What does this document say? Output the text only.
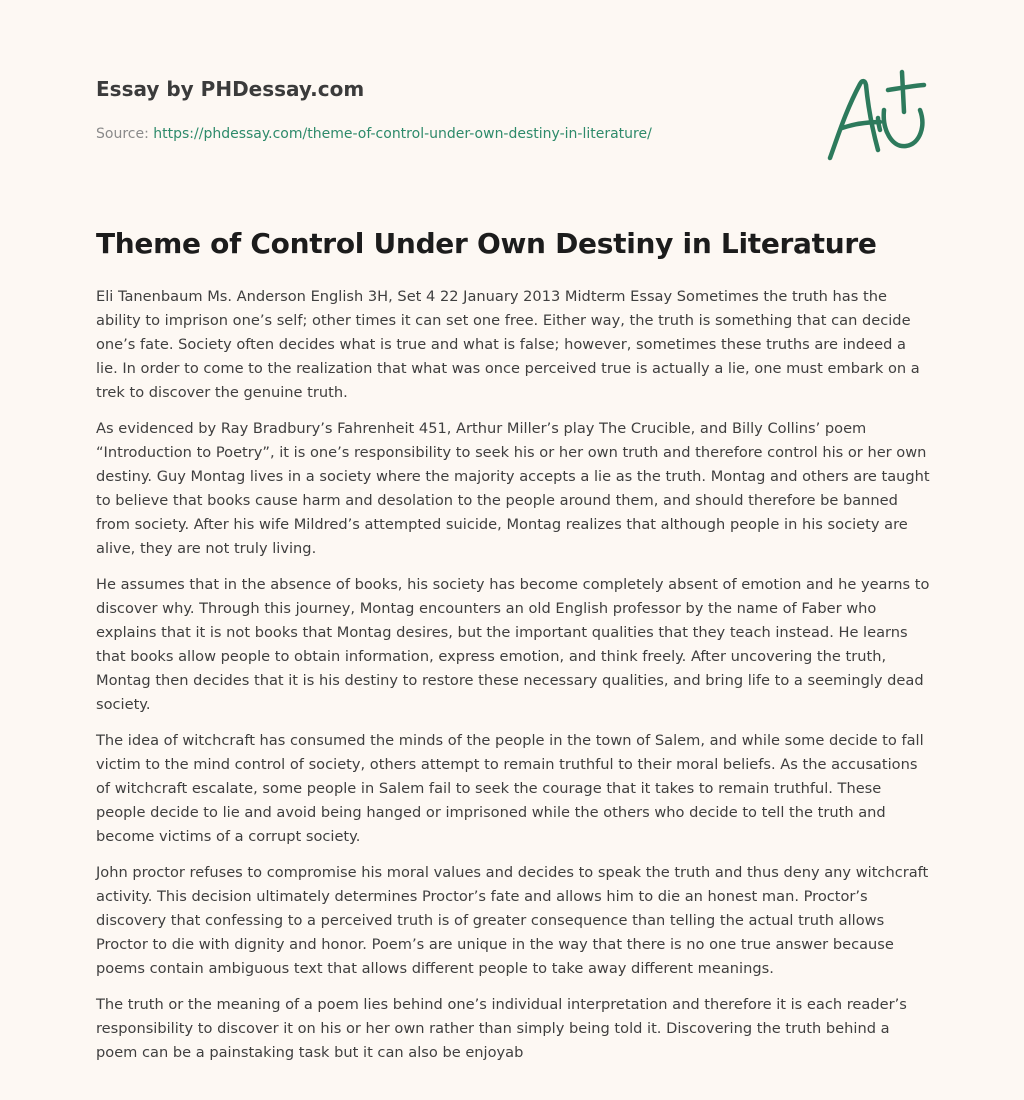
Essay by PHDessay.com
Source: https://phdessay.com/theme-of-control-under-own-destiny-in-literature/
Theme of Control Under Own Destiny in Literature

Eli Tanenbaum Ms. Anderson English 3H, Set 4 22 January 2013 Midterm Essay Sometimes the truth has the ability to imprison one’s self; other times it can set one free. Either way, the truth is something that can decide one’s fate. Society often decides what is true and what is false; however, sometimes these truths are indeed a lie. In order to come to the realization that what was once perceived true is actually a lie, one must embark on a trek to discover the genuine truth.

As evidenced by Ray Bradbury’s Fahrenheit 451, Arthur Miller’s play The Crucible, and Billy Collins’ poem “Introduction to Poetry”, it is one’s responsibility to seek his or her own truth and therefore control his or her own destiny. Guy Montag lives in a society where the majority accepts a lie as the truth. Montag and others are taught to believe that books cause harm and desolation to the people around them, and should therefore be banned from society. After his wife Mildred’s attempted suicide, Montag realizes that although people in his society are alive, they are not truly living.

He assumes that in the absence of books, his society has become completely absent of emotion and he yearns to discover why. Through this journey, Montag encounters an old English professor by the name of Faber who explains that it is not books that Montag desires, but the important qualities that they teach instead. He learns that books allow people to obtain information, express emotion, and think freely. After uncovering the truth, Montag then decides that it is his destiny to restore these necessary qualities, and bring life to a seemingly dead society.

The idea of witchcraft has consumed the minds of the people in the town of Salem, and while some decide to fall victim to the mind control of society, others attempt to remain truthful to their moral beliefs. As the accusations of witchcraft escalate, some people in Salem fail to seek the courage that it takes to remain truthful. These people decide to lie and avoid being hanged or imprisoned while the others who decide to tell the truth and become victims of a corrupt society.

John proctor refuses to compromise his moral values and decides to speak the truth and thus deny any witchcraft activity. This decision ultimately determines Proctor’s fate and allows him to die an honest man. Proctor’s discovery that confessing to a perceived truth is of greater consequence than telling the actual truth allows Proctor to die with dignity and honor. Poem’s are unique in the way that there is no one true answer because poems contain ambiguous text that allows different people to take away different meanings.

The truth or the meaning of a poem lies behind one’s individual interpretation and therefore it is each reader’s responsibility to discover it on his or her own rather than simply being told it. Discovering the truth behind a poem can be a painstaking task but it can also be enjoyab
